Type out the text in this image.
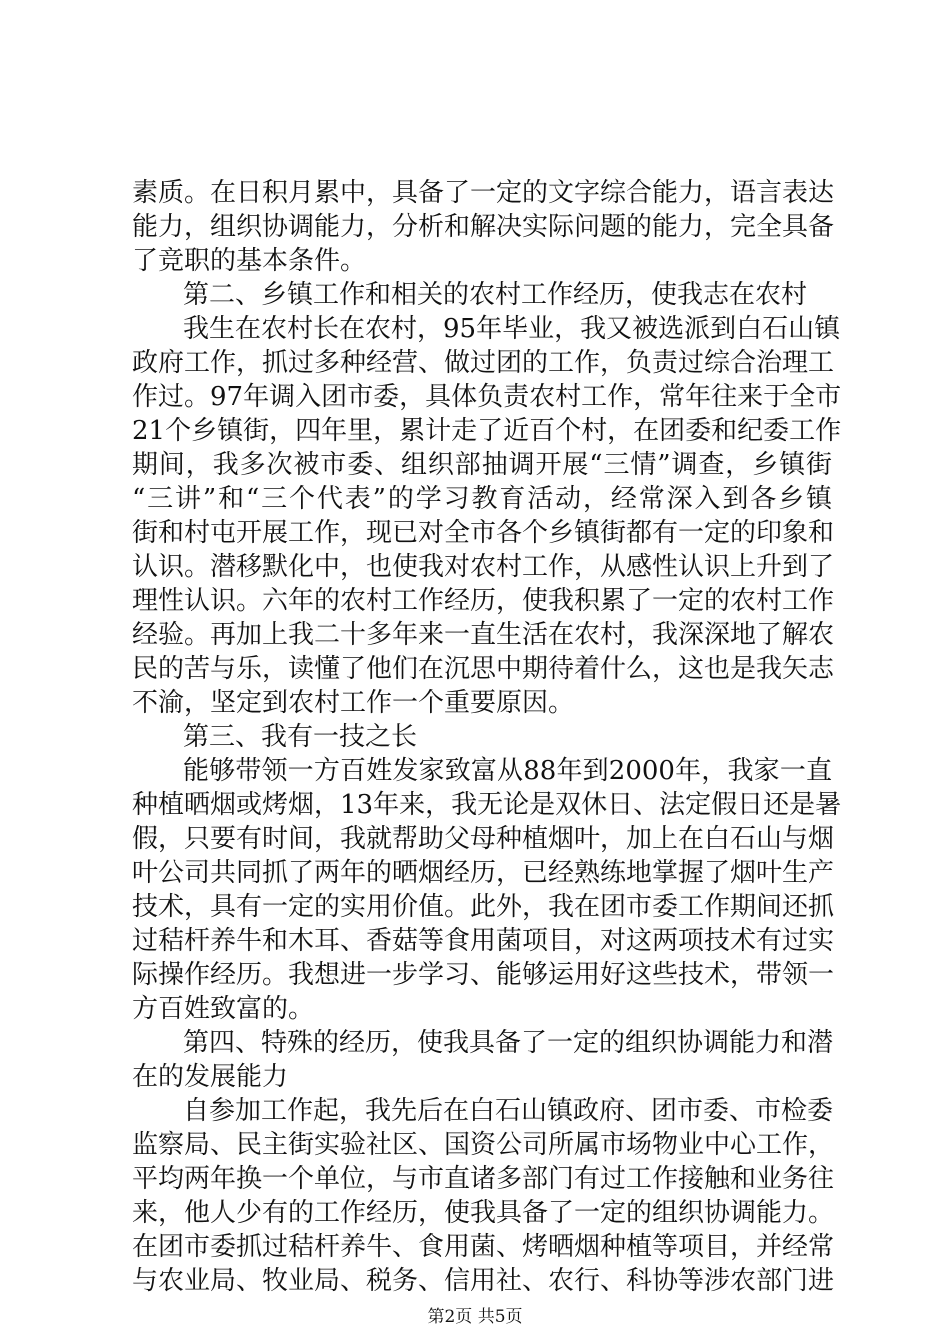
素质。在日积月累中，具备了一定的文字综合能力，语言表达
能力，组织协调能力，分析和解决实际问题的能力，完全具备
了竞职的基本条件。
第二、乡镇工作和相关的农村工作经历，使我志在农村
我生在农村长在农村，95年毕业，我又被选派到白石山镇
政府工作，抓过多种经营、做过团的工作，负责过综合治理工
作过。97年调入团市委，具体负责农村工作，常年往来于全市
21个乡镇街，四年里，累计走了近百个村，在团委和纪委工作
期间，我多次被市委、组织部抽调开展“三情”调查，乡镇街
“三讲”和“三个代表”的学习教育活动，经常深入到各乡镇
街和村屯开展工作，现已对全市各个乡镇街都有一定的印象和
认识。潜移默化中，也使我对农村工作，从感性认识上升到了
理性认识。六年的农村工作经历，使我积累了一定的农村工作
经验。再加上我二十多年来一直生活在农村，我深深地了解农
民的苦与乐，读懂了他们在沉思中期待着什么，这也是我矢志
不渝，坚定到农村工作一个重要原因。
第三、我有一技之长
能够带领一方百姓发家致富从88年到2000年，我家一直
种植晒烟或烤烟，13年来，我无论是双休日、法定假日还是暑
假，只要有时间，我就帮助父母种植烟叶，加上在白石山与烟
叶公司共同抓了两年的晒烟经历，已经熟练地掌握了烟叶生产
技术，具有一定的实用价值。此外，我在团市委工作期间还抓
过秸杆养牛和木耳、香菇等食用菌项目，对这两项技术有过实
际操作经历。我想进一步学习、能够运用好这些技术，带领一
方百姓致富的。
第四、特殊的经历，使我具备了一定的组织协调能力和潜
在的发展能力
自参加工作起，我先后在白石山镇政府、团市委、市检委
监察局、民主街实验社区、国资公司所属市场物业中心工作，
平均两年换一个单位，与市直诸多部门有过工作接触和业务往
来，他人少有的工作经历，使我具备了一定的组织协调能力。
在团市委抓过秸杆养牛、食用菌、烤晒烟种植等项目，并经常
与农业局、牧业局、税务、信用社、农行、科协等涉农部门进
第2页 共5页
